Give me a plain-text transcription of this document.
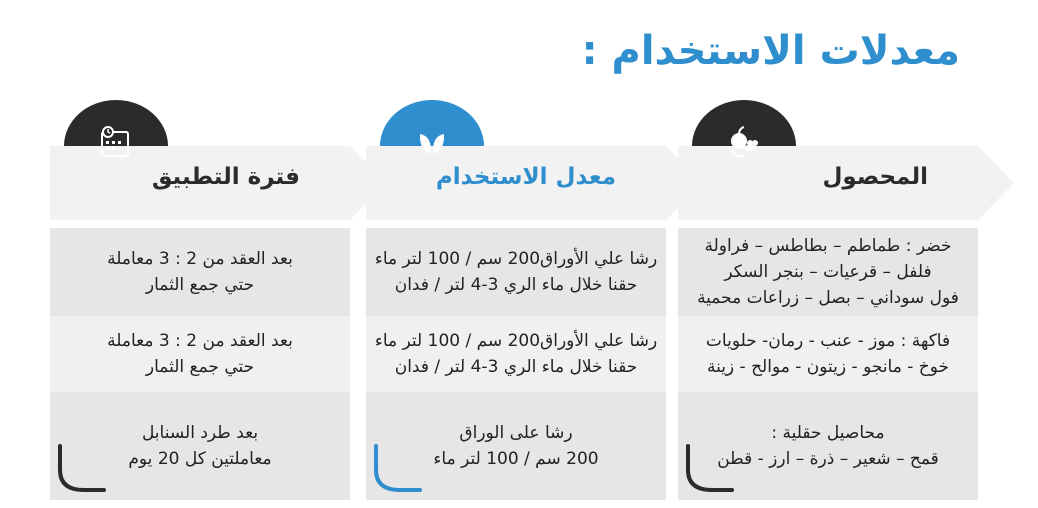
معدلات الاستخدام :
المحصول
خضر : طماطم – بطاطس – فراولة
فلفل – قرعيات – بنجر السكر
فول سوداني – بصل – زراعات محمية
فاكهة : موز - عنب - رمان- حلويات
خوخ - مانجو - زيتون - موالح - زينة
محاصيل حقلية :
قمح – شعير – ذرة – ارز - قطن
معدل الاستخدام
رشا علي الأوراق200 سم / 100 لتر ماء
حقنا خلال ماء الري 3-4 لتر / فدان
رشا علي الأوراق200 سم / 100 لتر ماء
حقنا خلال ماء الري 3-4 لتر / فدان
رشا على الوراق
200 سم / 100 لتر ماء
فترة التطبيق
بعد العقد من 2 : 3 معاملة
حتي جمع الثمار
بعد العقد من 2 : 3 معاملة
حتي جمع الثمار
بعد طرد السنابل
معاملتين كل 20 يوم
